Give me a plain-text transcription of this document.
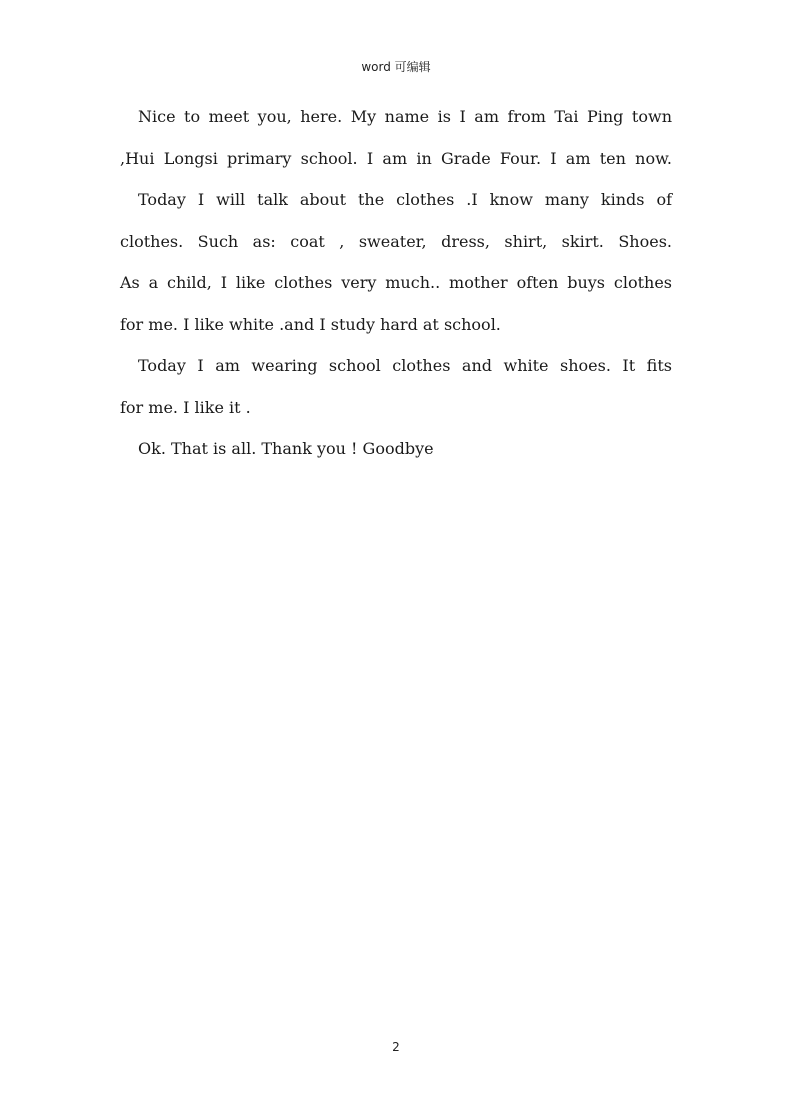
word 可编辑
Nice to meet you, here. My name is I am from Tai Ping town
,Hui Longsi primary school. I am in Grade Four. I am ten now.
Today I will talk about the clothes .I know many kinds of
clothes. Such as: coat , sweater, dress, shirt, skirt. Shoes.
As a child, I like clothes very much.. mother often buys clothes
for me. I like white .and I study hard at school.
Today I am wearing school clothes and white shoes. It fits
for me. I like it .
Ok. That is all. Thank you ! Goodbye
2
